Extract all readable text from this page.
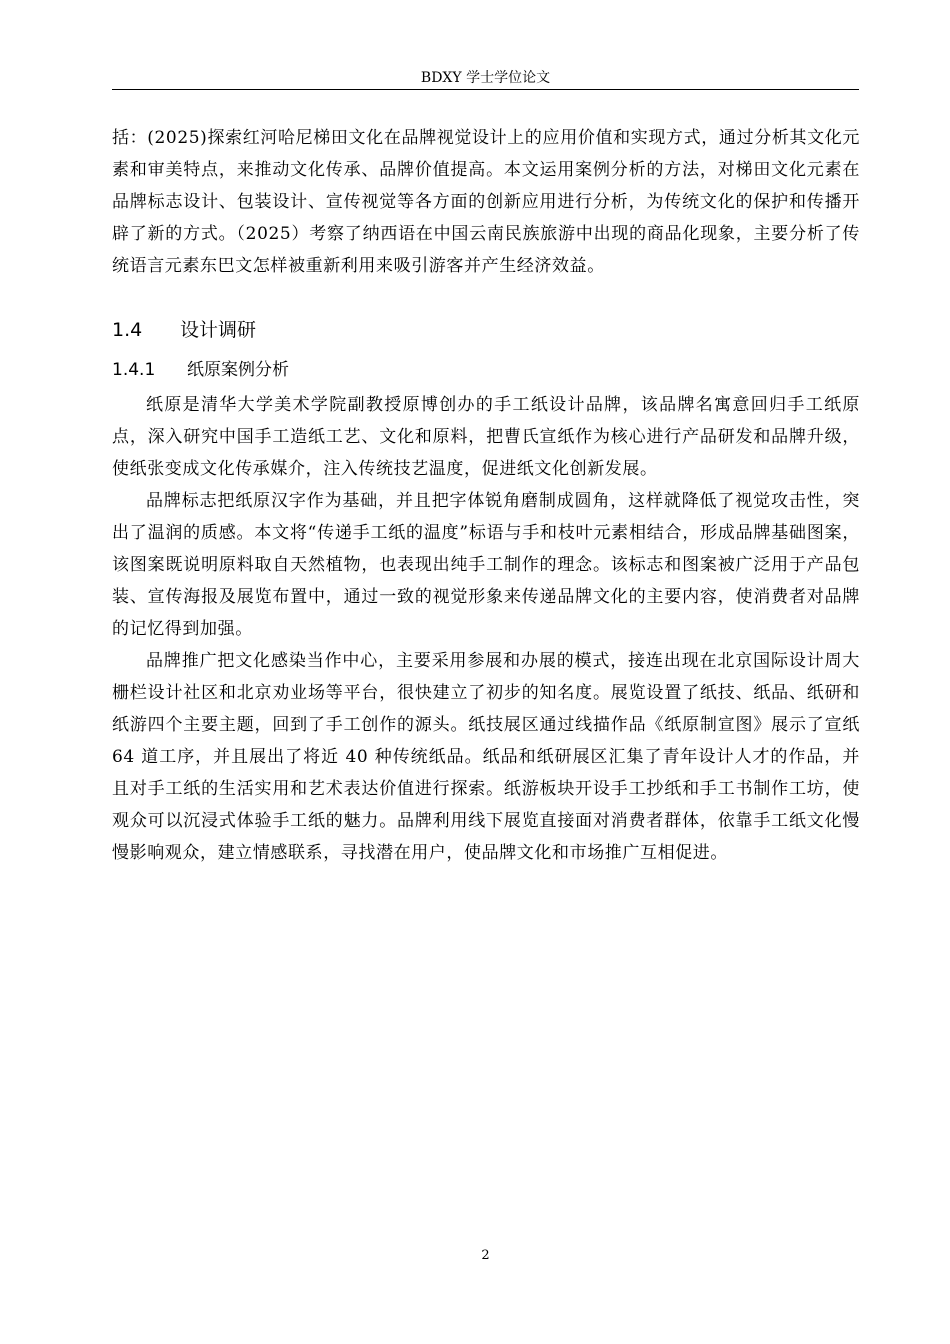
BDXY 学士学位论文

括：(2025)探索红河哈尼梯田文化在品牌视觉设计上的应用价值和实现方式，通过分析其文化元素和审美特点，来推动文化传承、品牌价值提高。本文运用案例分析的方法，对梯田文化元素在品牌标志设计、包装设计、宣传视觉等各方面的创新应用进行分析，为传统文化的保护和传播开辟了新的方式。（2025）考察了纳西语在中国云南民族旅游中出现的商品化现象，主要分析了传统语言元素东巴文怎样被重新利用来吸引游客并产生经济效益。

1.4 设计调研
1.4.1 纸原案例分析

纸原是清华大学美术学院副教授原博创办的手工纸设计品牌，该品牌名寓意回归手工纸原点，深入研究中国手工造纸工艺、文化和原料，把曹氏宣纸作为核心进行产品研发和品牌升级，使纸张变成文化传承媒介，注入传统技艺温度，促进纸文化创新发展。

品牌标志把纸原汉字作为基础，并且把字体锐角磨制成圆角，这样就降低了视觉攻击性，突出了温润的质感。本文将“传递手工纸的温度”标语与手和枝叶元素相结合，形成品牌基础图案，该图案既说明原料取自天然植物，也表现出纯手工制作的理念。该标志和图案被广泛用于产品包装、宣传海报及展览布置中，通过一致的视觉形象来传递品牌文化的主要内容，使消费者对品牌的记忆得到加强。

品牌推广把文化感染当作中心，主要采用参展和办展的模式，接连出现在北京国际设计周大栅栏设计社区和北京劝业场等平台，很快建立了初步的知名度。展览设置了纸技、纸品、纸研和纸游四个主要主题，回到了手工创作的源头。纸技展区通过线描作品《纸原制宣图》展示了宣纸 64 道工序，并且展出了将近 40 种传统纸品。纸品和纸研展区汇集了青年设计人才的作品，并且对手工纸的生活实用和艺术表达价值进行探索。纸游板块开设手工抄纸和手工书制作工坊，使观众可以沉浸式体验手工纸的魅力。品牌利用线下展览直接面对消费者群体，依靠手工纸文化慢慢影响观众，建立情感联系，寻找潜在用户，使品牌文化和市场推广互相促进。

2
